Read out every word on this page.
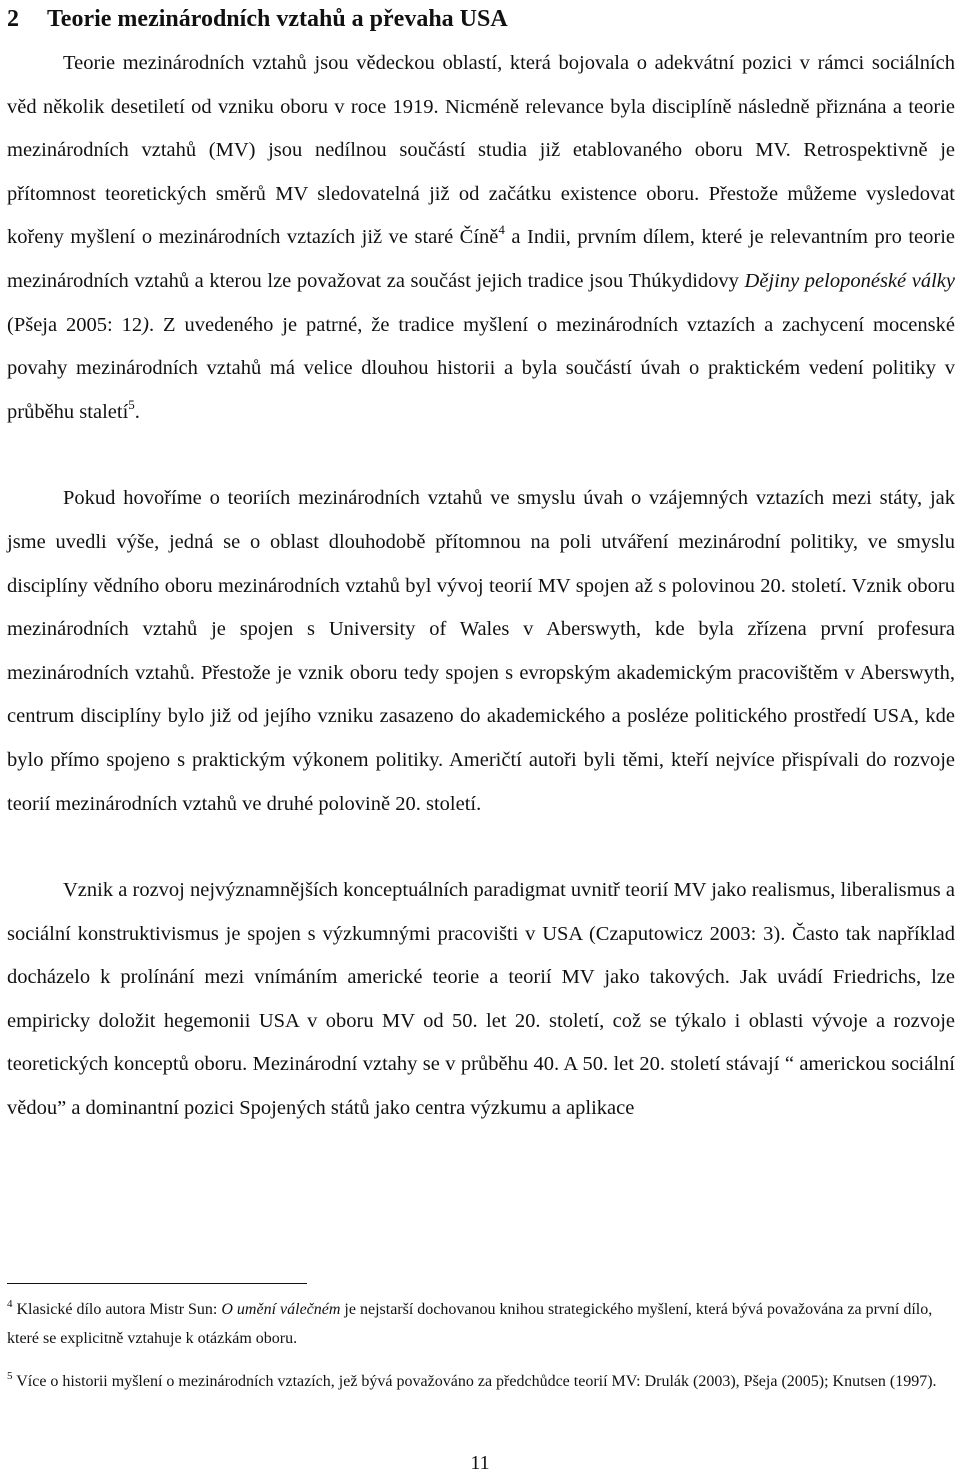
2 Teorie mezinárodních vztahů a převaha USA

Teorie mezinárodních vztahů jsou vědeckou oblastí, která bojovala o adekvátní pozici v rámci sociálních věd několik desetiletí od vzniku oboru v roce 1919. Nicméně relevance byla disciplíně následně přiznána a teorie mezinárodních vztahů (MV) jsou nedílnou součástí studia již etablovaného oboru MV. Retrospektivně je přítomnost teoretických směrů MV sledovatelná již od začátku existence oboru. Přestože můžeme vysledovat kořeny myšlení o mezinárodních vztazích již ve staré Číně$^4$ a Indii, prvním dílem, které je relevantním pro teorie mezinárodních vztahů a kterou lze považovat za součást jejich tradice jsou Thúkydidovy Dějiny peloponéské války (Pšeja 2005: 12). Z uvedeného je patrné, že tradice myšlení o mezinárodních vztazích a zachycení mocenské povahy mezinárodních vztahů má velice dlouhou historii a byla součástí úvah o praktickém vedení politiky v průběhu staletí$^5$.

Pokud hovoříme o teoriích mezinárodních vztahů ve smyslu úvah o vzájemných vztazích mezi státy, jak jsme uvedli výše, jedná se o oblast dlouhodobě přítomnou na poli utváření mezinárodní politiky, ve smyslu disciplíny vědního oboru mezinárodních vztahů byl vývoj teorií MV spojen až s polovinou 20. století. Vznik oboru mezinárodních vztahů je spojen s University of Wales v Aberswyth, kde byla zřízena první profesura mezinárodních vztahů. Přestože je vznik oboru tedy spojen s evropským akademickým pracovištěm v Aberswyth, centrum disciplíny bylo již od jejího vzniku zasazeno do akademického a posléze politického prostředí USA, kde bylo přímo spojeno s praktickým výkonem politiky. Američtí autoři byli těmi, kteří nejvíce přispívali do rozvoje teorií mezinárodních vztahů ve druhé polovině 20. století.

Vznik a rozvoj nejvýznamnějších konceptuálních paradigmat uvnitř teorií MV jako realismus, liberalismus a sociální konstruktivismus je spojen s výzkumnými pracovišti v USA (Czaputowicz 2003: 3). Často tak například docházelo k prolínání mezi vnímáním americké teorie a teorií MV jako takových. Jak uvádí Friedrichs, lze empiricky doložit hegemonii USA v oboru MV od 50. let 20. století, což se týkalo i oblasti vývoje a rozvoje teoretických konceptů oboru. Mezinárodní vztahy se v průběhu 40. A 50. let 20. století stávají “ americkou sociální vědou” a dominantní pozici Spojených států jako centra výzkumu a aplikace

$^4$ Klasické dílo autora Mistr Sun: O umění válečném je nejstarší dochovanou knihou strategického myšlení, která bývá považována za první dílo, které se explicitně vztahuje k otázkám oboru.

$^5$ Více o historii myšlení o mezinárodních vztazích, jež bývá považováno za předchůdce teorií MV: Drulák (2003), Pšeja (2005); Knutsen (1997).

11
